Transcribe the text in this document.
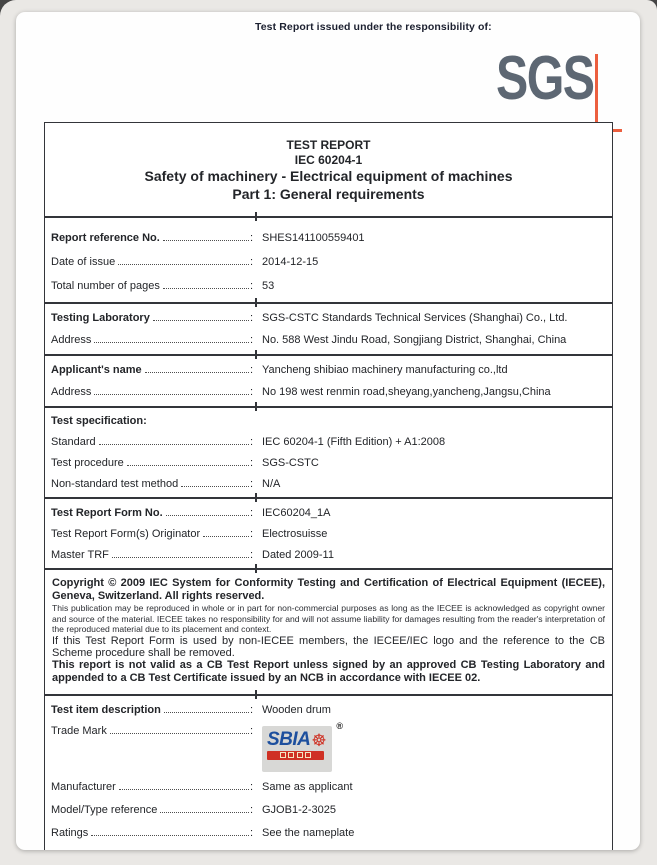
Test Report issued under the responsibility of:
SGS
TEST REPORT
IEC 60204-1
Safety of machinery - Electrical equipment of machines
Part 1: General requirements
Report reference No.	: SHES141100559401
Date of issue	: 2014-12-15
Total number of pages	: 53
Testing Laboratory	: SGS-CSTC Standards Technical Services (Shanghai) Co., Ltd.
Address	: No. 588 West Jindu Road, Songjiang District, Shanghai, China
Applicant's name	: Yancheng shibiao machinery manufacturing co.,ltd
Address	: No 198 west renmin road,sheyang,yancheng,Jangsu,China
Test specification:
Standard	: IEC 60204-1 (Fifth Edition) + A1:2008
Test procedure	: SGS-CSTC
Non-standard test method	: N/A
Test Report Form No.	: IEC60204_1A
Test Report Form(s) Originator	: Electrosuisse
Master TRF	: Dated 2009-11

Copyright © 2009 IEC System for Conformity Testing and Certification of Electrical Equipment (IECEE), Geneva, Switzerland. All rights reserved.

This publication may be reproduced in whole or in part for non-commercial purposes as long as the IECEE is acknowledged as copyright owner and source of the material. IECEE takes no responsibility for and will not assume liability for damages resulting from the reader's interpretation of the reproduced material due to its placement and context.

If this Test Report Form is used by non-IECEE members, the IECEE/IEC logo and the reference to the CB Scheme procedure shall be removed.

This report is not valid as a CB Test Report unless signed by an approved CB Testing Laboratory and appended to a CB Test Certificate issued by an NCB in accordance with IECEE 02.

Test item description	: Wooden drum
Trade Mark	: SBIA ☸
®
Manufacturer	: Same as applicant
Model/Type reference	: GJOB1-2-3025
Ratings	: See the nameplate
